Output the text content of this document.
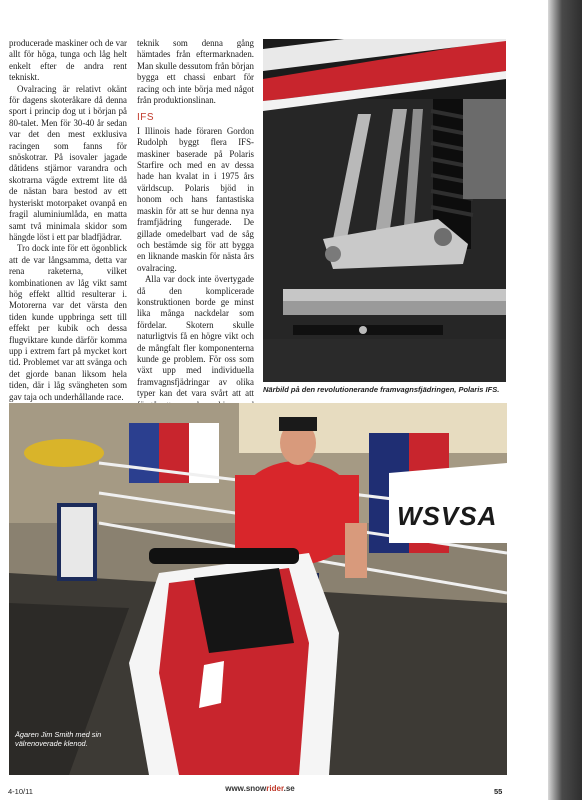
producerade maskiner och de var allt för höga, tunga och låg helt enkelt efter de andra rent tekniskt.

Ovalracing är relativt okänt för dagens skoteråkare då denna sport i princip dog ut i början på 80-talet. Men för 30-40 år sedan var det den mest exklusiva racingen som fanns för snöskotrar. På isovaler jagade dåtidens stjärnor varandra och skotrarna vägde extremt lite då de nästan bara bestod av ett hysteriskt motorpaket ovanpå en fragil aluminiumlåda, en matta samt två minimala skidor som hängde löst i ett par bladfjädrar.

Tro dock inte för ett ögonblick att de var långsamma, detta var rena raketerna, vilket kombinationen av låg vikt samt hög effekt alltid resulterar i. Motorerna var det värsta den tiden kunde uppbringa sett till effekt per kubik och dessa flugviktare kunde därför komma upp i extrem fart på mycket kort tid. Problemet var att svänga och det gjorde banan liksom hela tiden, där i låg svängheten som gav taja och underhållande race.

teknik som denna gång hämtades från eftermarknaden. Man skulle dessutom från början bygga ett chassi enbart för racing och inte börja med något från produktionslinan.

IFS

I Illinois hade föraren Gordon Rudolph byggt flera IFS-maskiner baserade på Polaris Starfire och med en av dessa hade han kvalat in i 1975 års världscup. Polaris bjöd in honom och hans fantastiska maskin för att se hur denna nya framfjädring fungerade. De gillade omedelbart vad de såg och bestämde sig för att bygga en liknande maskin för nästa års ovalracing.

Alla var dock inte övertygade då den komplicerade konstruktionen borde ge minst lika många nackdelar som fördelar. Skotern skulle naturligtvis få en högre vikt och de mångfalt fler komponenterna kunde ge problem. För oss som växt upp med individuella framvagnsfjädringar av olika typer kan det vara svårt att att Närbild på den revolutionerande framvagnsfjädringen, Polaris IFS.
WSVSA
Ägaren Jim Smith med sin välrenoverade klenod.
4-10/11	www.snowrider.se	55
